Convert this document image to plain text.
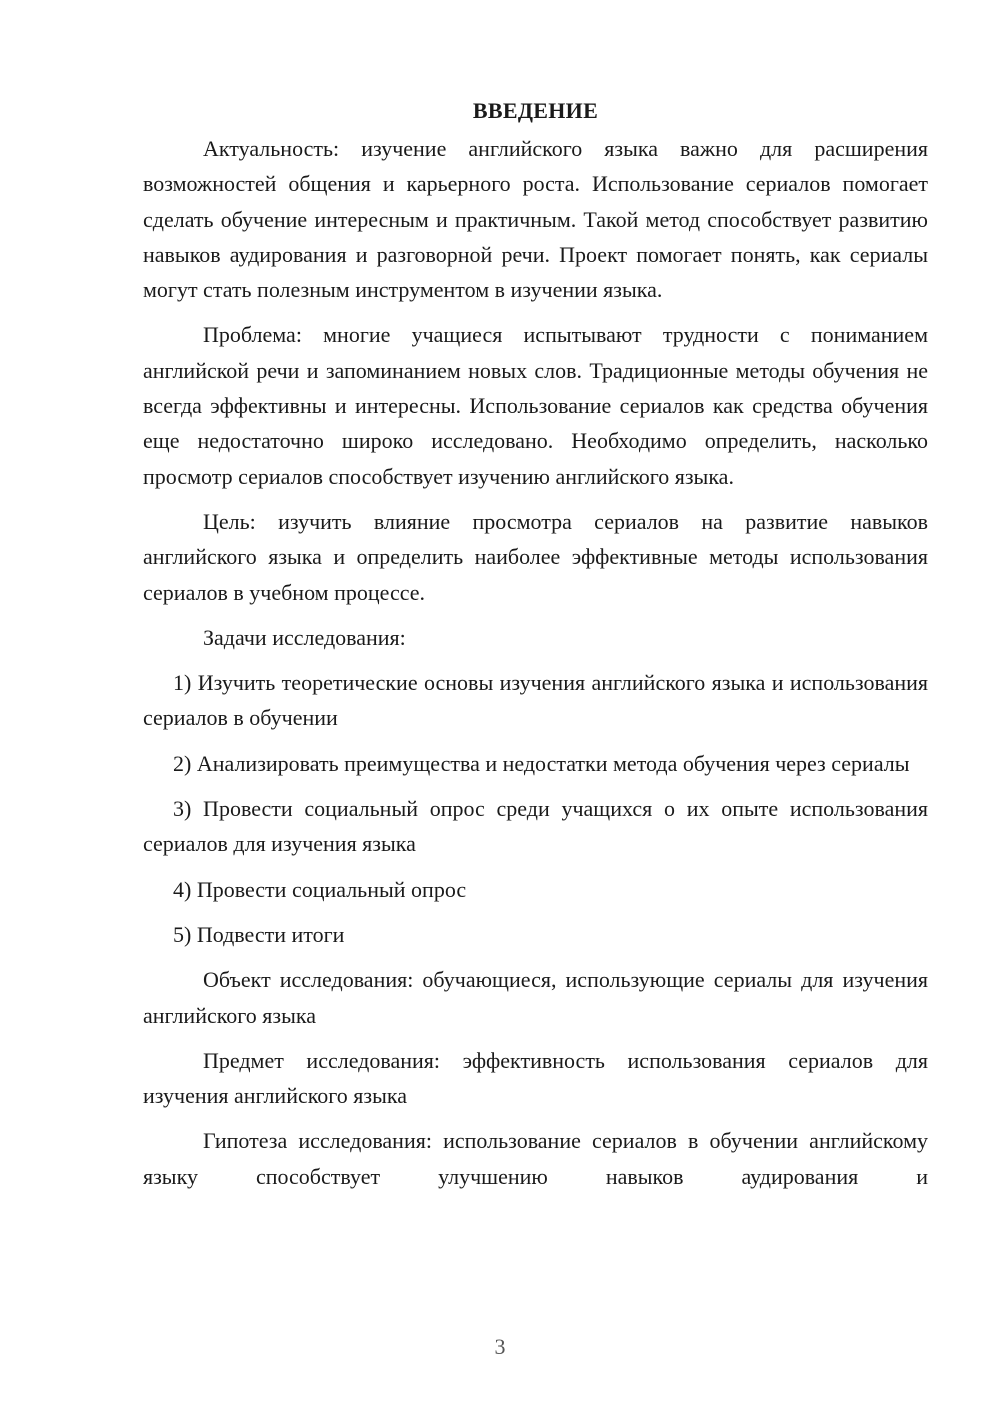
ВВЕДЕНИЕ

Актуальность: изучение английского языка важно для расширения возможностей общения и карьерного роста. Использование сериалов помогает сделать обучение интересным и практичным. Такой метод способствует развитию навыков аудирования и разговорной речи. Проект помогает понять, как сериалы могут стать полезным инструментом в изучении языка.

Проблема: многие учащиеся испытывают трудности с пониманием английской речи и запоминанием новых слов. Традиционные методы обучения не всегда эффективны и интересны. Использование сериалов как средства обучения еще недостаточно широко исследовано. Необходимо определить, насколько просмотр сериалов способствует изучению английского языка.

Цель: изучить влияние просмотра сериалов на развитие навыков английского языка и определить наиболее эффективные методы использования сериалов в учебном процессе.

Задачи исследования:

1) Изучить теоретические основы изучения английского языка и использования сериалов в обучении

2) Анализировать преимущества и недостатки метода обучения через сериалы

3) Провести социальный опрос среди учащихся о их опыте использования сериалов для изучения языка

4) Провести социальный опрос

5) Подвести итоги

Объект исследования: обучающиеся, использующие сериалы для изучения английского языка

Предмет исследования: эффективность использования сериалов для изучения английского языка

Гипотеза исследования: использование сериалов в обучении английскому языку способствует улучшению навыков аудирования и

3
